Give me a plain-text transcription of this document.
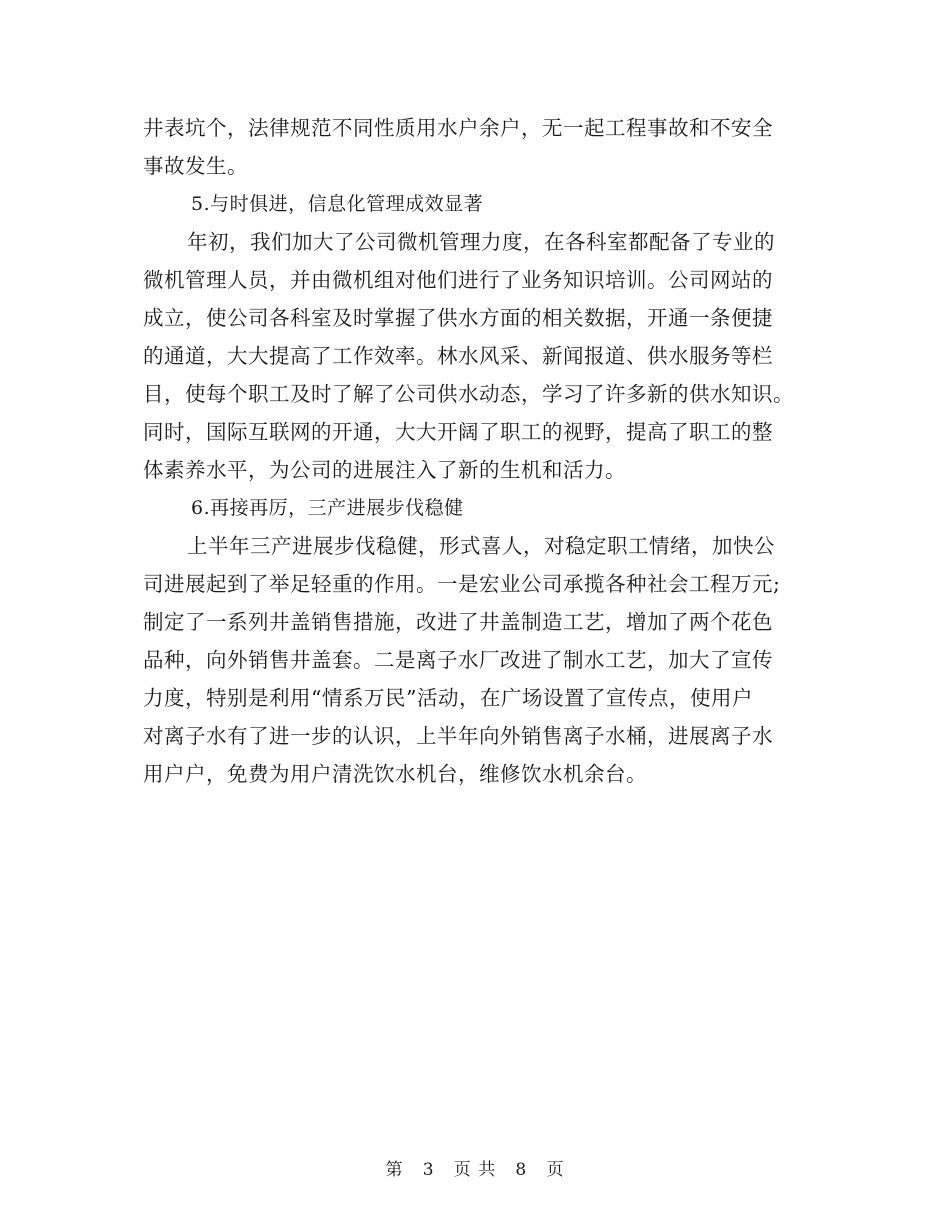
井表坑个，法律规范不同性质用水户余户，无一起工程事故和不安全
事故发生。
5.与时俱进，信息化管理成效显著
年初，我们加大了公司微机管理力度，在各科室都配备了专业的
微机管理人员，并由微机组对他们进行了业务知识培训。公司网站的
成立，使公司各科室及时掌握了供水方面的相关数据，开通一条便捷
的通道，大大提高了工作效率。林水风采、新闻报道、供水服务等栏
目，使每个职工及时了解了公司供水动态，学习了许多新的供水知识。
同时，国际互联网的开通，大大开阔了职工的视野，提高了职工的整
体素养水平，为公司的进展注入了新的生机和活力。
6.再接再厉，三产进展步伐稳健
上半年三产进展步伐稳健，形式喜人，对稳定职工情绪，加快公
司进展起到了举足轻重的作用。一是宏业公司承揽各种社会工程万元;
制定了一系列井盖销售措施，改进了井盖制造工艺，增加了两个花色
品种，向外销售井盖套。二是离子水厂改进了制水工艺，加大了宣传
力度，特别是利用“情系万民”活动，在广场设置了宣传点，使用户
对离子水有了进一步的认识，上半年向外销售离子水桶，进展离子水
用户户，免费为用户清洗饮水机台，维修饮水机余台。
第 3 页 共 8 页
